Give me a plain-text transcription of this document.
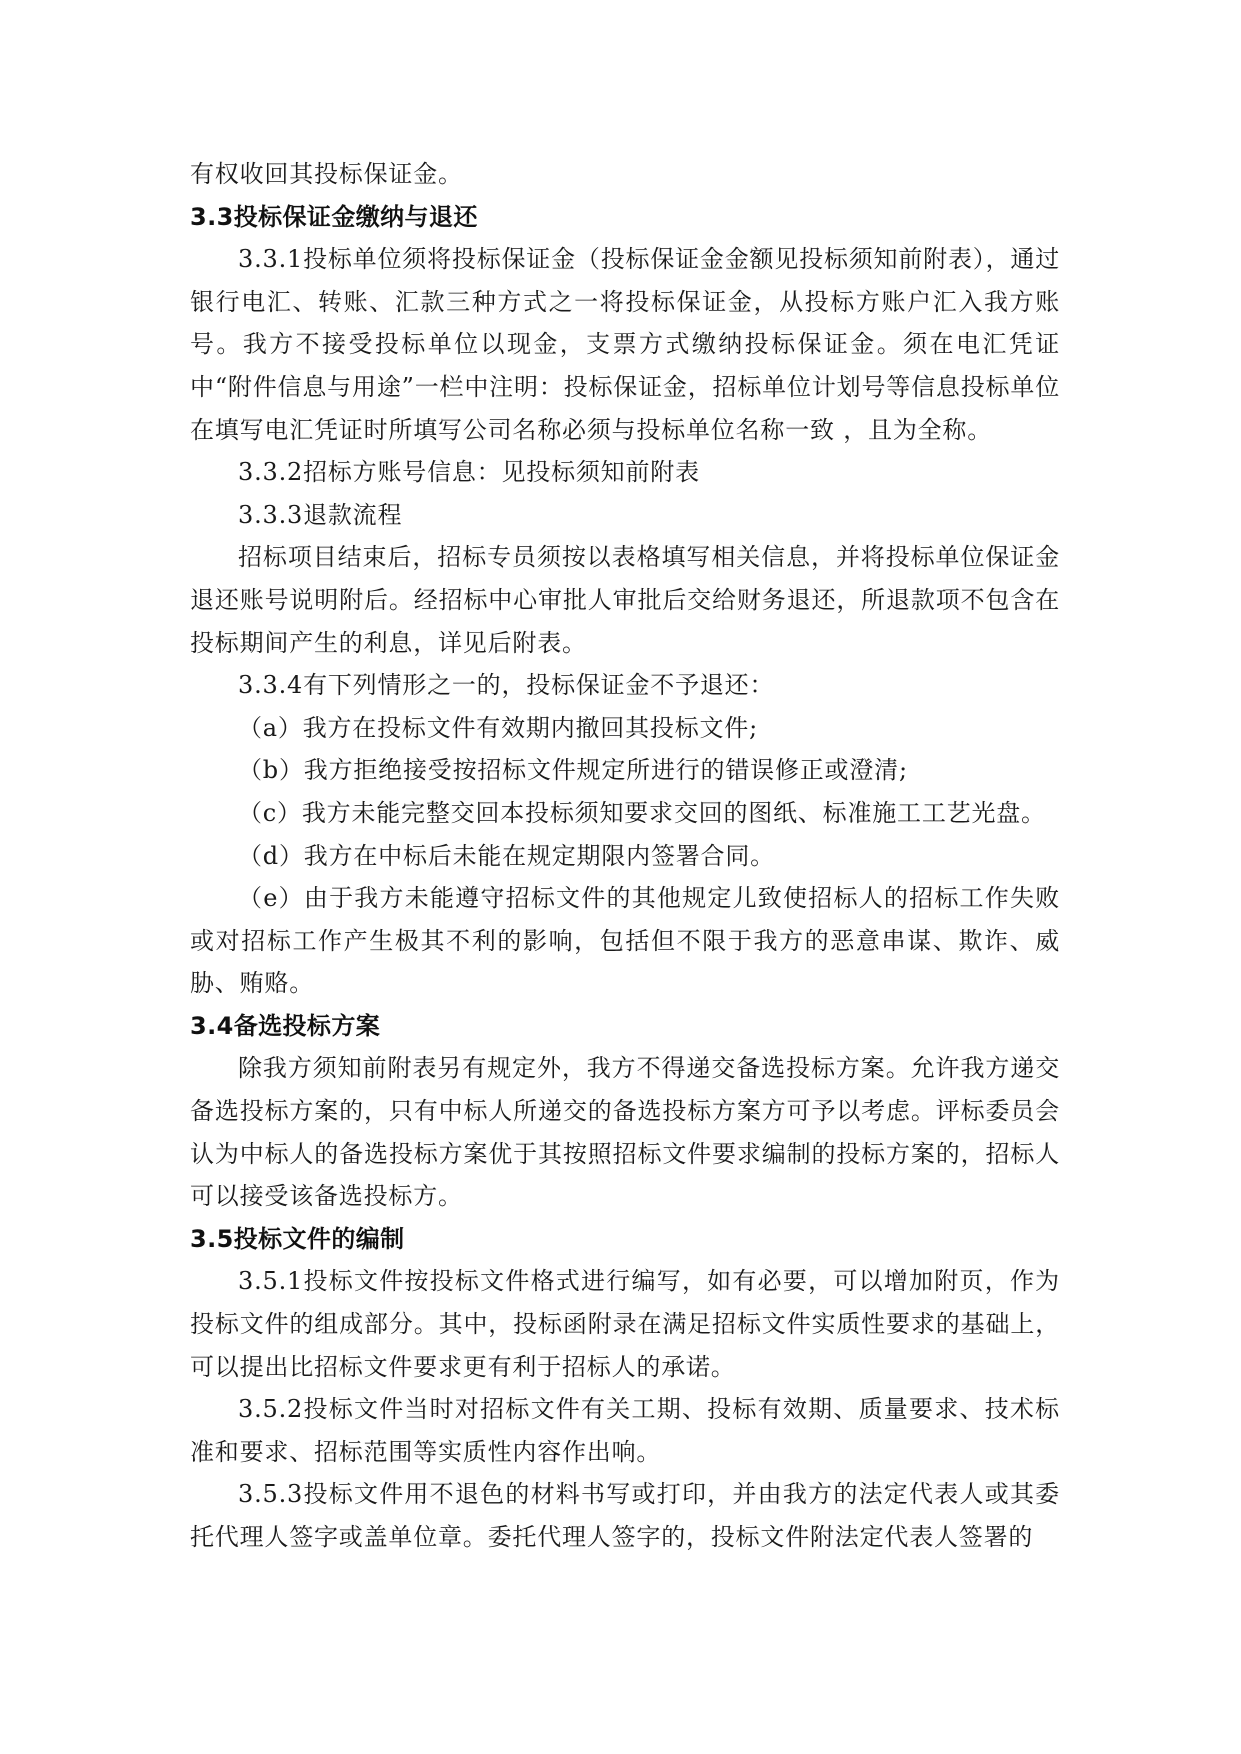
有权收回其投标保证金。

3.3投标保证金缴纳与退还

3.3.1投标单位须将投标保证金（投标保证金金额见投标须知前附表），通过银行电汇、转账、汇款三种方式之一将投标保证金，从投标方账户汇入我方账号。我方不接受投标单位以现金，支票方式缴纳投标保证金。须在电汇凭证中“附件信息与用途”一栏中注明：投标保证金，招标单位计划号等信息投标单位在填写电汇凭证时所填写公司名称必须与投标单位名称一致 ，且为全称。

3.3.2招标方账号信息：见投标须知前附表

3.3.3退款流程

招标项目结束后，招标专员须按以表格填写相关信息，并将投标单位保证金退还账号说明附后。经招标中心审批人审批后交给财务退还，所退款项不包含在投标期间产生的利息，详见后附表。

3.3.4有下列情形之一的，投标保证金不予退还：

（a）我方在投标文件有效期内撤回其投标文件;

（b）我方拒绝接受按招标文件规定所进行的错误修正或澄清;

（c）我方未能完整交回本投标须知要求交回的图纸、标准施工工艺光盘。

（d）我方在中标后未能在规定期限内签署合同。

（e）由于我方未能遵守招标文件的其他规定儿致使招标人的招标工作失败或对招标工作产生极其不利的影响，包括但不限于我方的恶意串谋、欺诈、威胁、贿赂。

3.4备选投标方案

除我方须知前附表另有规定外，我方不得递交备选投标方案。允许我方递交备选投标方案的，只有中标人所递交的备选投标方案方可予以考虑。评标委员会认为中标人的备选投标方案优于其按照招标文件要求编制的投标方案的，招标人可以接受该备选投标方。

3.5投标文件的编制

3.5.1投标文件按投标文件格式进行编写，如有必要，可以增加附页，作为投标文件的组成部分。其中，投标函附录在满足招标文件实质性要求的基础上，可以提出比招标文件要求更有利于招标人的承诺。

3.5.2投标文件当时对招标文件有关工期、投标有效期、质量要求、技术标准和要求、招标范围等实质性内容作出响。

3.5.3投标文件用不退色的材料书写或打印，并由我方的法定代表人或其委托代理人签字或盖单位章。委托代理人签字的，投标文件附法定代表人签署的
